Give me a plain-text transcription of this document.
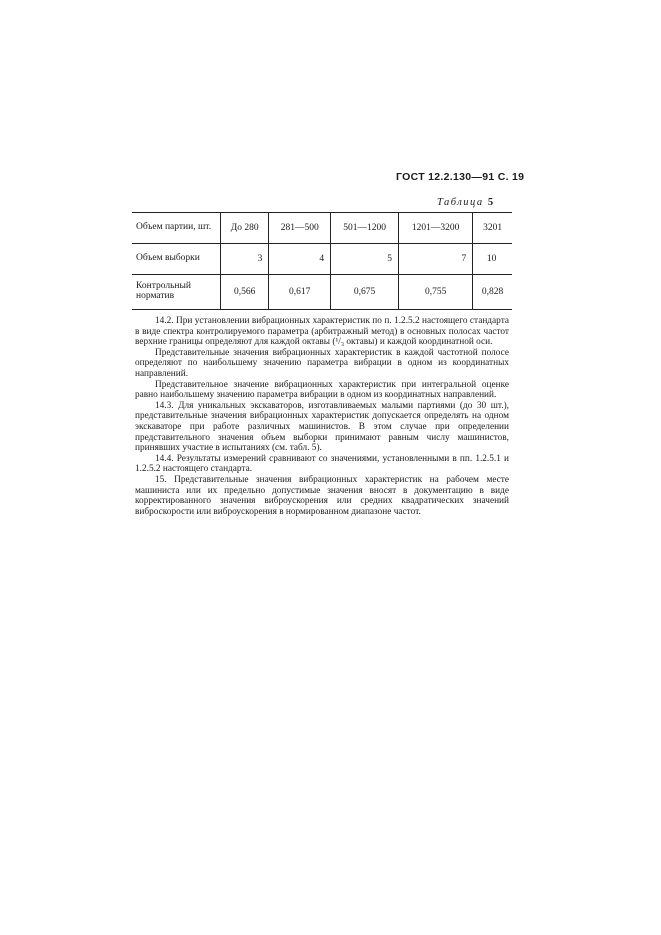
ГОСТ 12.2.130—91 С. 19
Таблица 5
Объем партии, шт.	До 280	281—500	501—1200	1201—3200	3201
Объем выборки	3	4	5	7	10
Контрольный норматив	0,566	0,617	0,675	0,755	0,828

14.2. При установлении вибрационных характеристик по п. 1.2.5.2 настоящего стандарта в виде спектра контролируемого параметра (арбитражный метод) в основных полосах частот верхние границы определяют для каждой октавы (¹/₃ октавы) и каждой координатной оси.

Представительные значения вибрационных характеристик в каждой частотной полосе определяют по наибольшему значению параметра вибрации в одном из координатных направлений.

Представительное значение вибрационных характеристик при интегральной оценке равно наибольшему значению параметра вибрации в одном из координатных направлений.

14.3. Для уникальных экскаваторов, изготавливаемых малыми партиями (до 30 шт.), представительные значения вибрационных характеристик допускается определять на одном экскаваторе при работе различных машинистов. В этом случае при определении представительного значения объем выборки принимают равным числу машинистов, принявших участие в испытаниях (см. табл. 5).

14.4. Результаты измерений сравнивают со значениями, установленными в пп. 1.2.5.1 и 1.2.5.2 настоящего стандарта.

15. Представительные значения вибрационных характеристик на рабочем месте машиниста или их предельно допустимые значения вносят в документацию в виде корректированного значения виброускорения или средних квадратических значений виброскорости или виброускорения в нормированном диапазоне частот.
